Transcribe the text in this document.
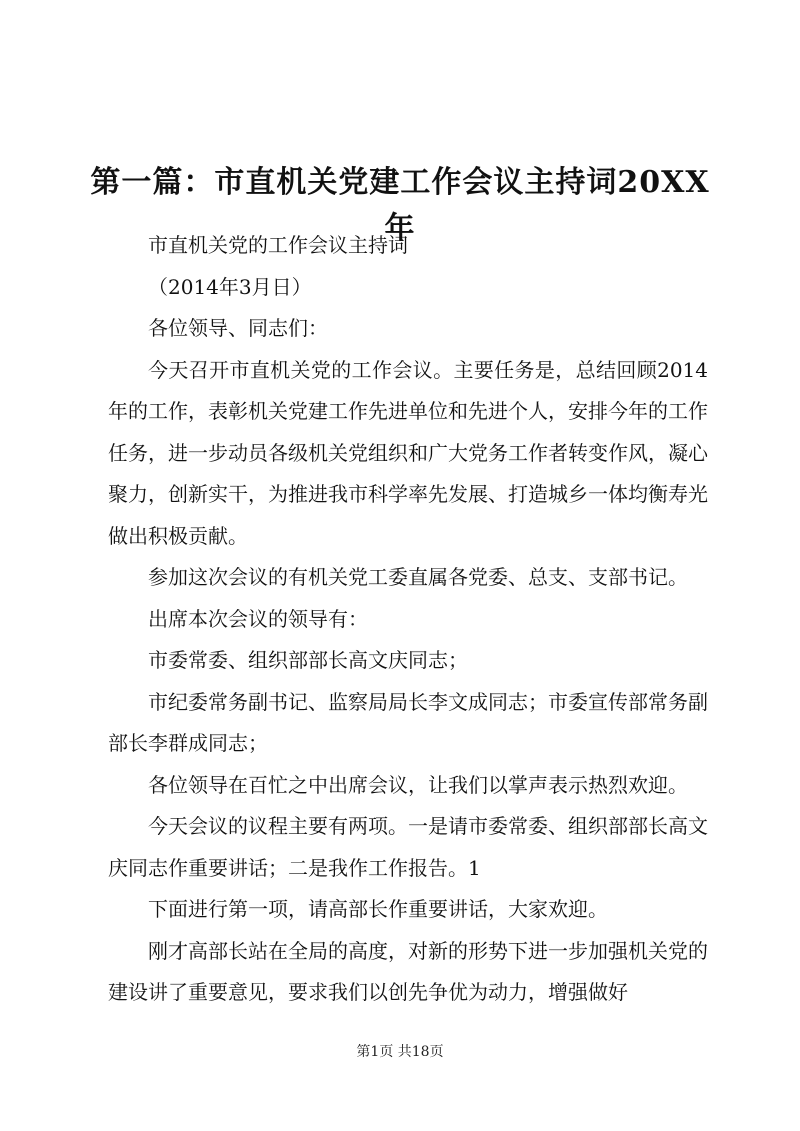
第一篇：市直机关党建工作会议主持词20XX年

市直机关党的工作会议主持词

（2014年3月日）

各位领导、同志们：

今天召开市直机关党的工作会议。主要任务是，总结回顾2014年的工作，表彰机关党建工作先进单位和先进个人，安排今年的工作任务，进一步动员各级机关党组织和广大党务工作者转变作风，凝心聚力，创新实干，为推进我市科学率先发展、打造城乡一体均衡寿光做出积极贡献。

参加这次会议的有机关党工委直属各党委、总支、支部书记。

出席本次会议的领导有：

市委常委、组织部部长高文庆同志；

市纪委常务副书记、监察局局长李文成同志；市委宣传部常务副部长李群成同志；

各位领导在百忙之中出席会议，让我们以掌声表示热烈欢迎。

今天会议的议程主要有两项。一是请市委常委、组织部部长高文庆同志作重要讲话；二是我作工作报告。1

下面进行第一项，请高部长作重要讲话，大家欢迎。

刚才高部长站在全局的高度，对新的形势下进一步加强机关党的建设讲了重要意见，要求我们以创先争优为动力，增强做好

第1页 共18页
